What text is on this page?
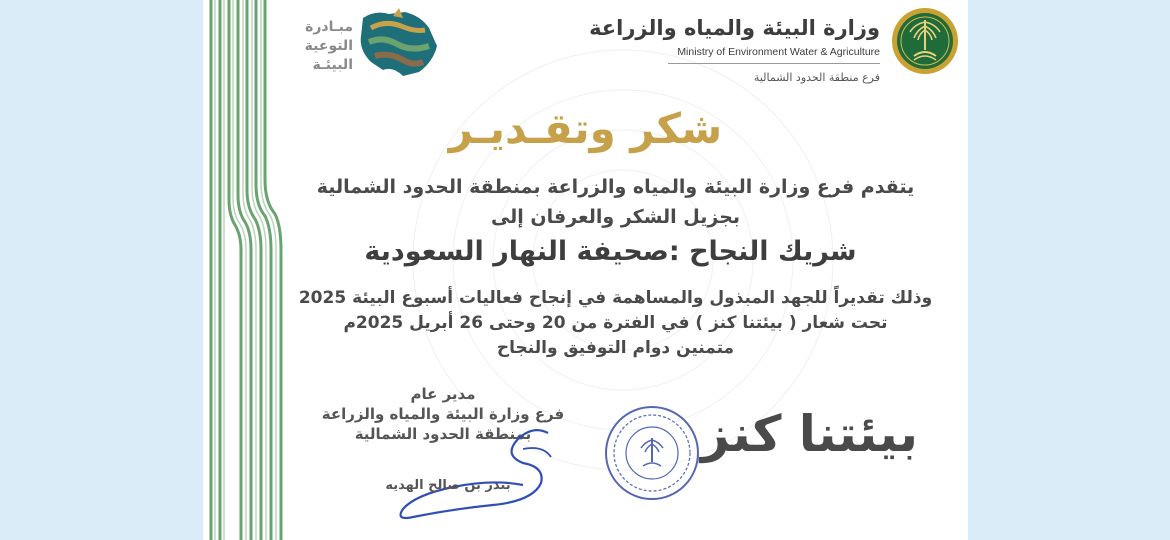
وزارة البيئة والمياه والزراعة
Ministry of Environment Water & Agriculture
فرع منطقة الحدود الشمالية
مبـادرة
التوعية
البيئـة
شكر وتقـديـر
يتقدم فرع وزارة البيئة والمياه والزراعة بمنطقة الحدود الشمالية
بجزيل الشكر والعرفان إلى
شريك النجاح :صحيفة النهار السعودية
وذلك تقديراً للجهد المبذول والمساهمة في إنجاح فعاليات أسبوع البيئة 2025
تحت شعار ( بيئتنا كنز ) في الفترة من 20 وحتى 26 أبريل 2025م
متمنين دوام التوفيق والنجاح
مدير عام
فرع وزارة البيئة والمياه والزراعة
بمنطقة الحدود الشمالية
بندر بن صالح الهديه
بيئتنا كنز
